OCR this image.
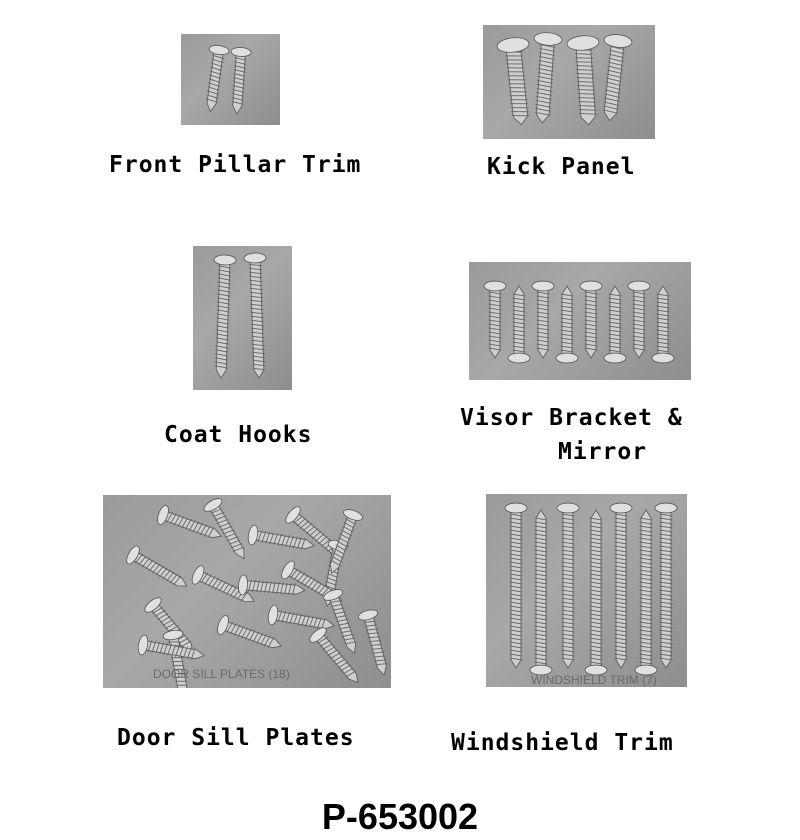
Front Pillar Trim	Kick Panel
Coat Hooks
Visor Bracket &
Mirror
DOOR SILL PLATES (18)
Door Sill Plates
WINDSHIELD TRIM (7)
Windshield Trim
P-653002
